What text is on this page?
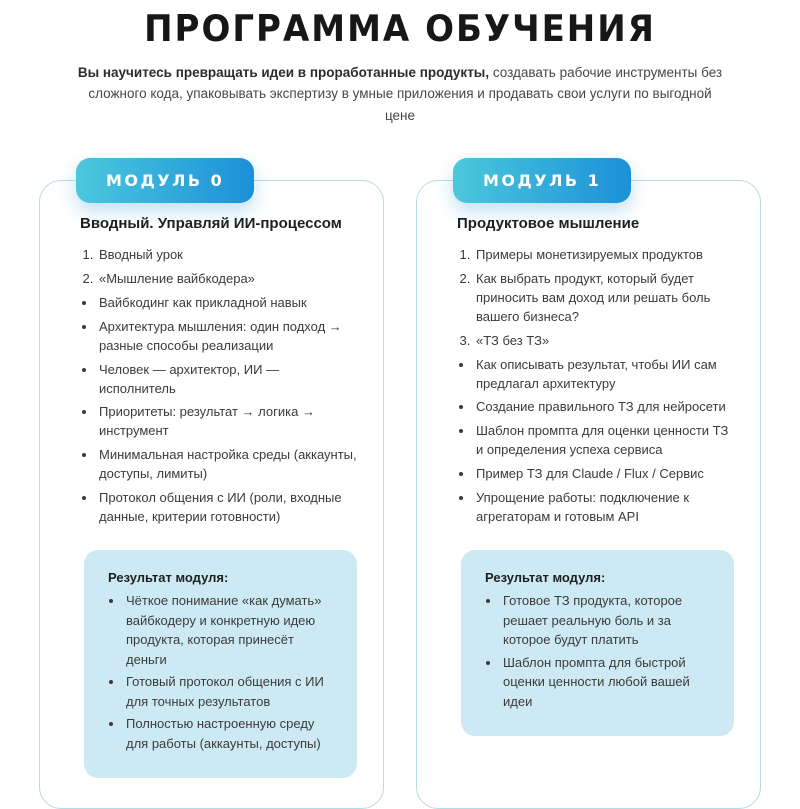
ПРОГРАММА ОБУЧЕНИЯ

Вы научитесь превращать идеи в проработанные продукты, создавать рабочие инструменты без сложного кода, упаковывать экспертизу в умные приложения и продавать свои услуги по выгодной цене

МОДУЛЬ 0
Вводный. Управляй ИИ-процессом
1. Вводный урок
2. «Мышление вайбкодера»
• Вайбкодинг как прикладной навык
• Архитектура мышления: один подход → разные способы реализации
• Человек — архитектор, ИИ — исполнитель
• Приоритеты: результат → логика → инструмент
• Минимальная настройка среды (аккаунты, доступы, лимиты)
• Протокол общения с ИИ (роли, входные данные, критерии готовности)
Результат модуля:
• Чёткое понимание «как думать» вайбкодеру и конкретную идею продукта, которая принесёт деньги
• Готовый протокол общения с ИИ для точных результатов
• Полностью настроенную среду для работы (аккаунты, доступы)
МОДУЛЬ 1
Продуктовое мышление
1. Примеры монетизируемых продуктов
2. Как выбрать продукт, который будет приносить вам доход или решать боль вашего бизнеса?
3. «ТЗ без ТЗ»
• Как описывать результат, чтобы ИИ сам предлагал архитектуру
• Создание правильного ТЗ для нейросети
• Шаблон промпта для оценки ценности ТЗ и определения успеха сервиса
• Пример ТЗ для Claude / Flux / Сервис
• Упрощение работы: подключение к агрегаторам и готовым API
Результат модуля:
• Готовое ТЗ продукта, которое решает реальную боль и за которое будут платить
• Шаблон промпта для быстрой оценки ценности любой вашей идеи
